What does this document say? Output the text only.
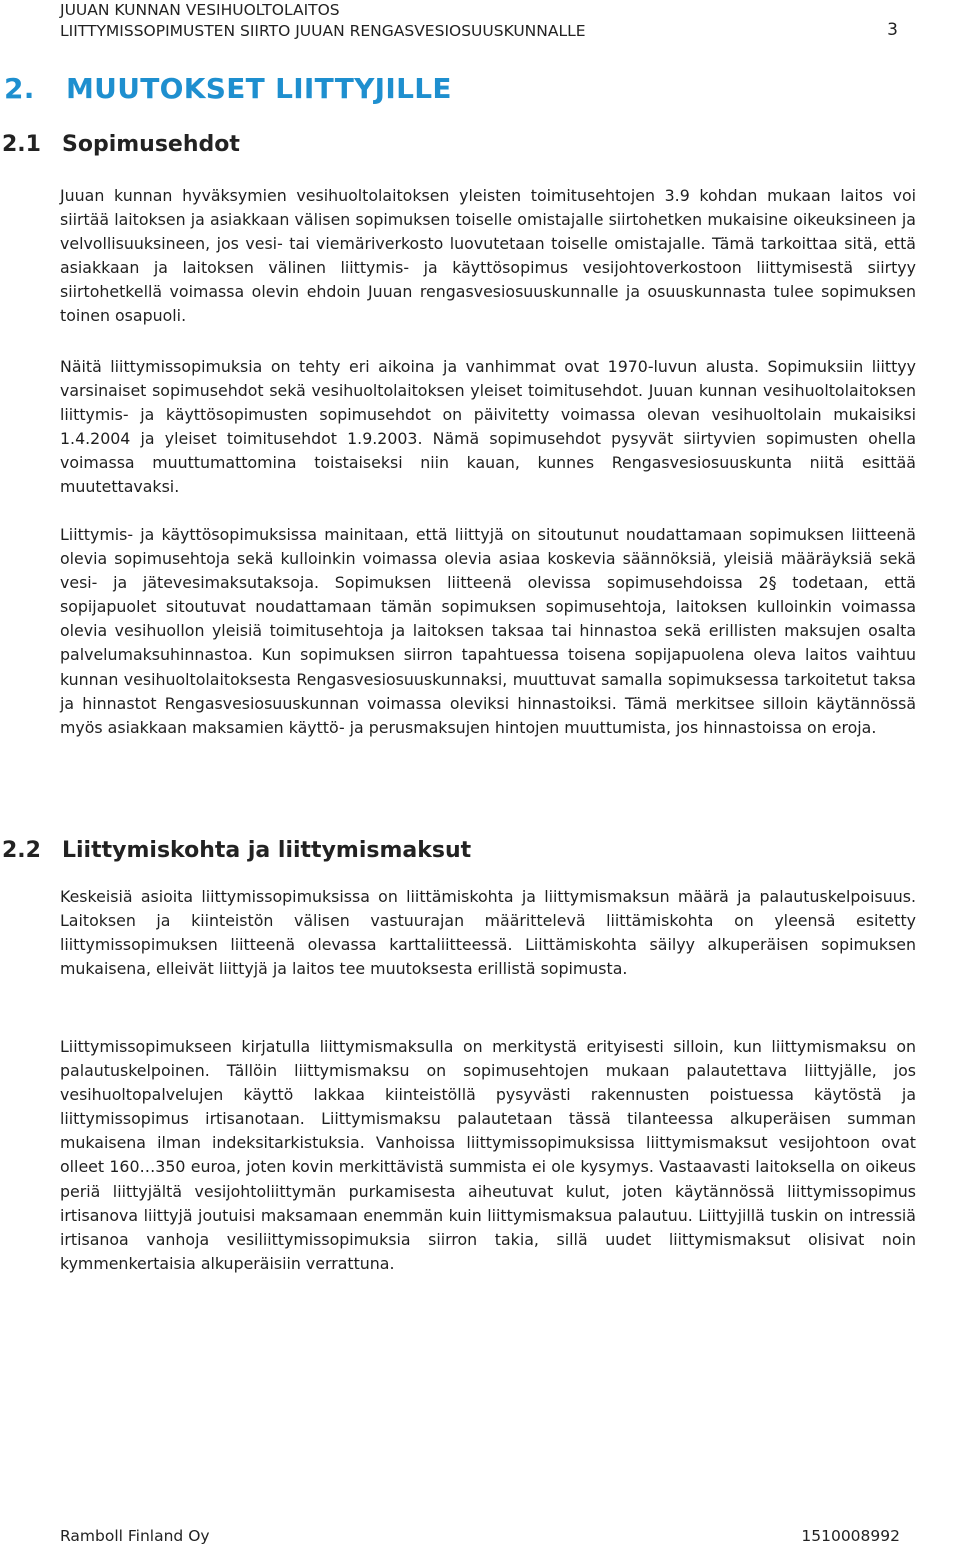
JUUAN KUNNAN VESIHUOLTOLAITOS
LIITTYMISSOPIMUSTEN SIIRTO JUUAN RENGASVESIOSUUSKUNNALLE	3
2. MUUTOKSET LIITTYJILLE
2.1 Sopimusehdot

Juuan kunnan hyväksymien vesihuoltolaitoksen yleisten toimitusehtojen 3.9 kohdan mukaan laitos voi siirtää laitoksen ja asiakkaan välisen sopimuksen toiselle omistajalle siirtohetken mukaisine oikeuksineen ja velvollisuuksineen, jos vesi- tai viemäriverkosto luovutetaan toiselle omistajalle. Tämä tarkoittaa sitä, että asiakkaan ja laitoksen välinen liittymis- ja käyttösopimus vesijohtoverkostoon liittymisestä siirtyy siirtohetkellä voimassa olevin ehdoin Juuan rengasvesiosuuskunnalle ja osuuskunnasta tulee sopimuksen toinen osapuoli.

Näitä liittymissopimuksia on tehty eri aikoina ja vanhimmat ovat 1970-luvun alusta. Sopimuksiin liittyy varsinaiset sopimusehdot sekä vesihuoltolaitoksen yleiset toimitusehdot. Juuan kunnan vesihuoltolaitoksen liittymis- ja käyttösopimusten sopimusehdot on päivitetty voimassa olevan vesihuoltolain mukaisiksi 1.4.2004 ja yleiset toimitusehdot 1.9.2003. Nämä sopimusehdot pysyvät siirtyvien sopimusten ohella voimassa muuttumattomina toistaiseksi niin kauan, kunnes Rengasvesiosuuskunta niitä esittää muutettavaksi.

Liittymis- ja käyttösopimuksissa mainitaan, että liittyjä on sitoutunut noudattamaan sopimuksen liitteenä olevia sopimusehtoja sekä kulloinkin voimassa olevia asiaa koskevia säännöksiä, yleisiä määräyksiä sekä vesi- ja jätevesimaksutaksoja. Sopimuksen liitteenä olevissa sopimusehdoissa 2§ todetaan, että sopijapuolet sitoutuvat noudattamaan tämän sopimuksen sopimusehtoja, laitoksen kulloinkin voimassa olevia vesihuollon yleisiä toimitusehtoja ja laitoksen taksaa tai hinnastoa sekä erillisten maksujen osalta palvelumaksuhinnastoa. Kun sopimuksen siirron tapahtuessa toisena sopijapuolena oleva laitos vaihtuu kunnan vesihuoltolaitoksesta Rengasvesiosuuskunnaksi, muuttuvat samalla sopimuksessa tarkoitetut taksa ja hinnastot Rengasvesiosuuskunnan voimassa oleviksi hinnastoiksi. Tämä merkitsee silloin käytännössä myös asiakkaan maksamien käyttö- ja perusmaksujen hintojen muuttumista, jos hinnastoissa on eroja.

2.2 Liittymiskohta ja liittymismaksut

Keskeisiä asioita liittymissopimuksissa on liittämiskohta ja liittymismaksun määrä ja palautuskelpoisuus. Laitoksen ja kiinteistön välisen vastuurajan määrittelevä liittämiskohta on yleensä esitetty liittymissopimuksen liitteenä olevassa karttaliitteessä. Liittämiskohta säilyy alkuperäisen sopimuksen mukaisena, elleivät liittyjä ja laitos tee muutoksesta erillistä sopimusta.

Liittymissopimukseen kirjatulla liittymismaksulla on merkitystä erityisesti silloin, kun liittymismaksu on palautuskelpoinen. Tällöin liittymismaksu on sopimusehtojen mukaan palautettava liittyjälle, jos vesihuoltopalvelujen käyttö lakkaa kiinteistöllä pysyvästi rakennusten poistuessa käytöstä ja liittymissopimus irtisanotaan. Liittymismaksu palautetaan tässä tilanteessa alkuperäisen summan mukaisena ilman indeksitarkistuksia. Vanhoissa liittymissopimuksissa liittymismaksut vesijohtoon ovat olleet 160…350 euroa, joten kovin merkittävistä summista ei ole kysymys. Vastaavasti laitoksella on oikeus periä liittyjältä vesijohtoliittymän purkamisesta aiheutuvat kulut, joten käytännössä liittymissopimus irtisanova liittyjä joutuisi maksamaan enemmän kuin liittymismaksua palautuu. Liittyjillä tuskin on intressiä irtisanoa vanhoja vesiliittymissopimuksia siirron takia, sillä uudet liittymismaksut olisivat noin kymmenkertaisia alkuperäisiin verrattuna.

Ramboll Finland Oy	1510008992
